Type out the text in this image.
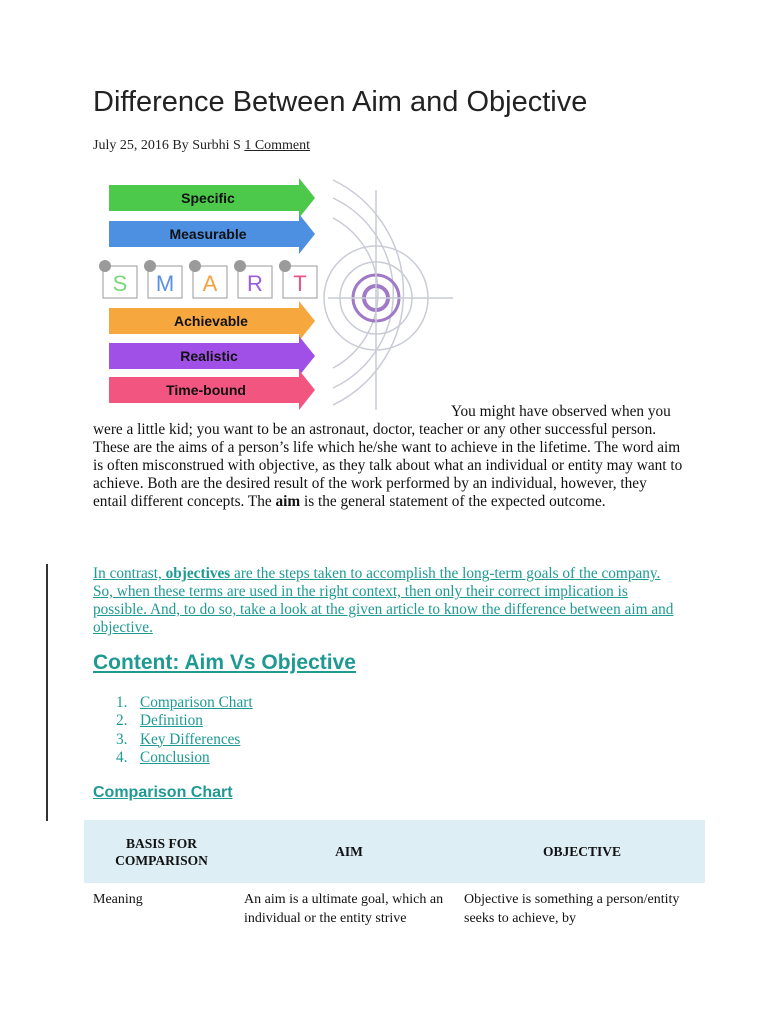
Difference Between Aim and Objective
July 25, 2016 By Surbhi S 1 Comment
Specific
Measurable
S M A R T
Achievable
Realistic
Time-bound

You might have observed when you were a little kid; you want to be an astronaut, doctor, teacher or any other successful person. These are the aims of a person’s life which he/she want to achieve in the lifetime. The word aim is often misconstrued with objective, as they talk about what an individual or entity may want to achieve. Both are the desired result of the work performed by an individual, however, they entail different concepts. The aim is the general statement of the expected outcome.

In contrast, objectives are the steps taken to accomplish the long-term goals of the company. So, when these terms are used in the right context, then only their correct implication is possible. And, to do so, take a look at the given article to know the difference between aim and objective.

Content: Aim Vs Objective
1. Comparison Chart
2. Definition
3. Key Differences
4. Conclusion
Comparison Chart
BASIS FOR COMPARISON
AIM	OBJECTIVE
Meaning	An aim is a ultimate goal, which an individual or the entity strive
Objective is something a person/entity seeks to achieve, by
